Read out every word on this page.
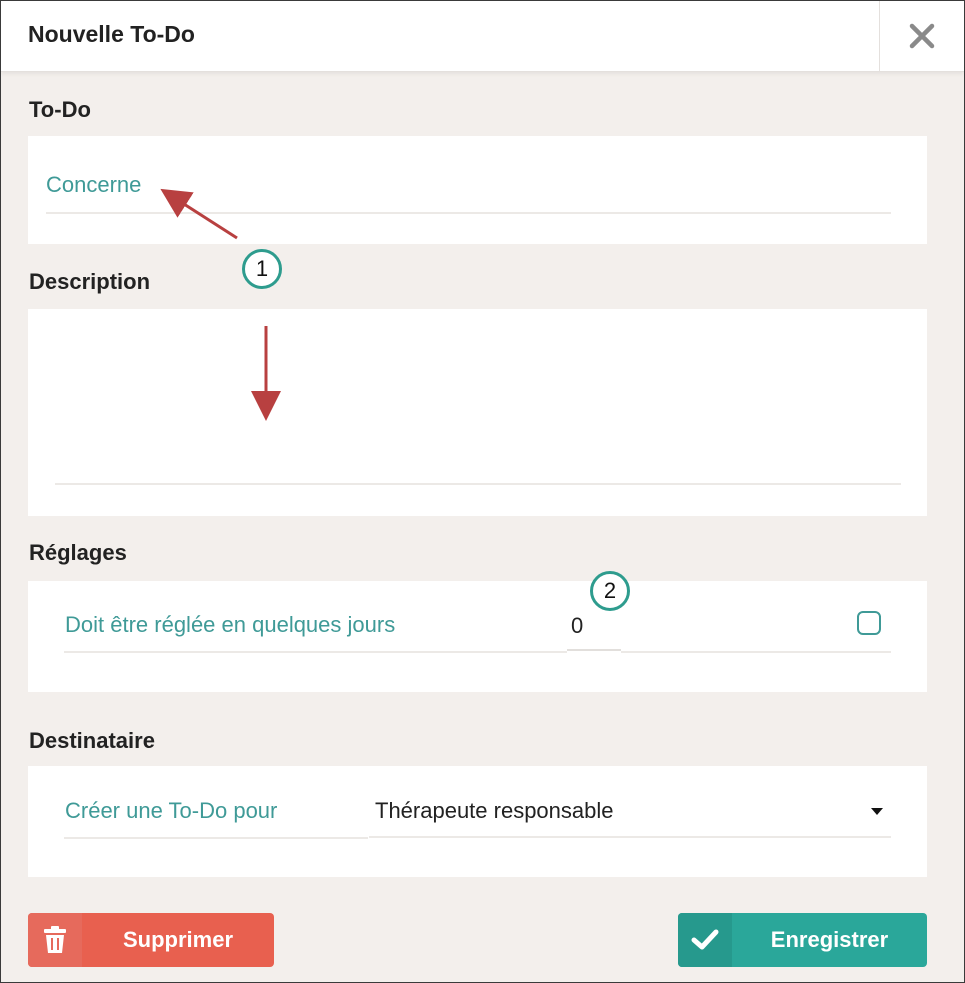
Nouvelle To-Do
To-Do
Concerne
Description
Réglages
Doit être réglée en quelques jours	0
Destinataire
Créer une To-Do pour	Thérapeute responsable
Supprimer	Enregistrer
1
2
